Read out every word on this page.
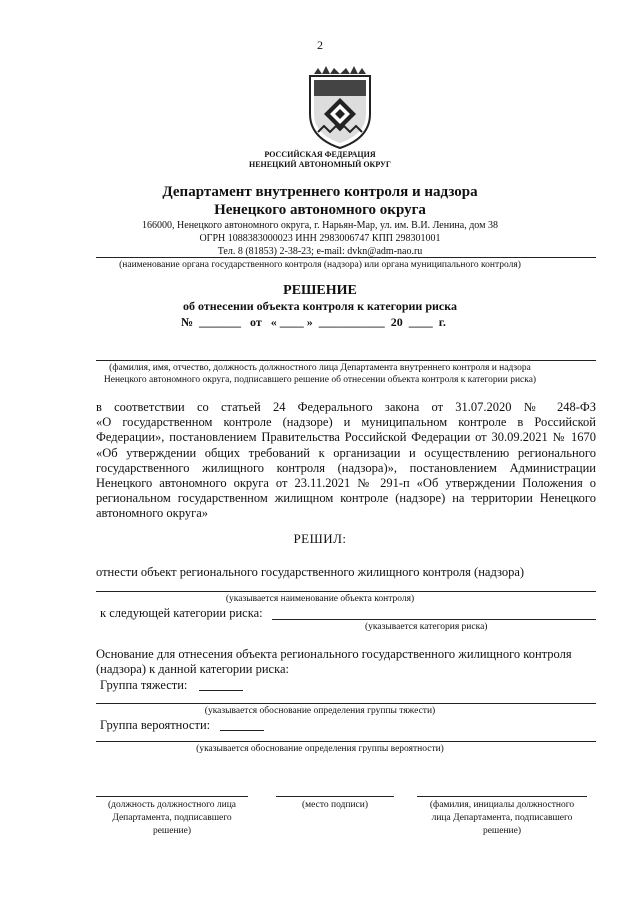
2
РОССИЙСКАЯ ФЕДЕРАЦИЯ
НЕНЕЦКИЙ АВТОНОМНЫЙ ОКРУГ
Департамент внутреннего контроля и надзора
Ненецкого автономного округа
166000, Ненецкого автономного округа, г. Нарьян-Мар, ул. им. В.И. Ленина, дом 38
ОГРН 1088383000023 ИНН 2983006747 КПП 298301001
Тел. 8 (81853) 2-38-23; e-mail: dvkn@adm-nao.ru
(наименование органа государственного контроля (надзора) или органа муниципального контроля)
РЕШЕНИЕ
об отнесении объекта контроля к категории риска
№  _______   от   « ____ »  ___________  20  ____  г.
(фамилия, имя, отчество, должность должностного лица Департамента внутреннего контроля и надзора
Ненецкого автономного округа, подписавшего решение об отнесении объекта контроля к категории риска)
в соответствии со статьей 24 Федерального закона от 31.07.2020 № 248-ФЗ
«О государственном контроле (надзоре) и муниципальном контроле в Российской
Федерации», постановлением Правительства Российской Федерации от 30.09.2021 № 1670
«Об утверждении общих требований к организации и осуществлению регионального
государственного жилищного контроля (надзора)», постановлением Администрации
Ненецкого автономного округа от 23.11.2021 № 291-п «Об утверждении Положения о
региональном государственном жилищном контроле (надзоре) на территории Ненецкого
автономного округа»
РЕШИЛ:
отнести объект регионального государственного жилищного контроля (надзора)
(указывается наименование объекта контроля)
к следующей категории риска:
(указывается категория риска)
Основание для отнесения объекта регионального государственного жилищного контроля
(надзора) к данной категории риска:
Группа тяжести:
(указывается обоснование определения группы тяжести)
Группа вероятности:
(указывается обоснование определения группы вероятности)
(должность должностного лица
Департамента, подписавшего
решение)
(место подписи)	(фамилия, инициалы должностного
лица Департамента, подписавшего
решение)
